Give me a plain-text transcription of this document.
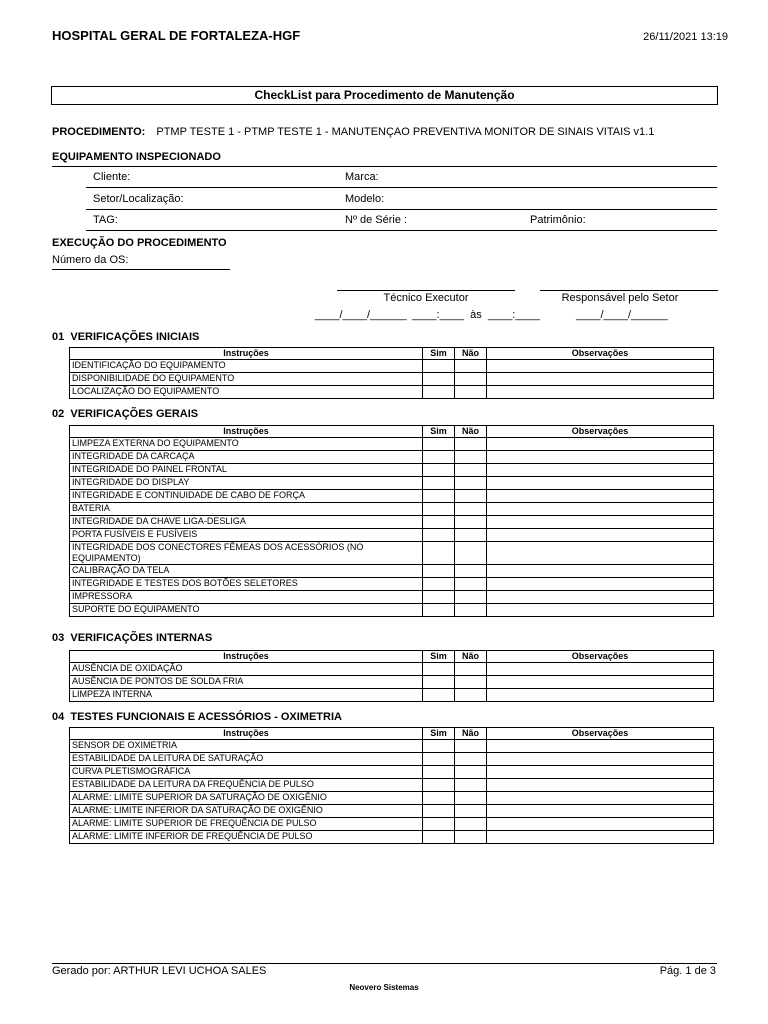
HOSPITAL GERAL DE FORTALEZA-HGF	26/11/2021 13:19
CheckList para Procedimento de Manutenção
PROCEDIMENTO: PTMP TESTE 1 - PTMP TESTE 1 - MANUTENÇAO PREVENTIVA MONITOR DE SINAIS VITAIS v1.1
EQUIPAMENTO INSPECIONADO
Cliente:	Marca:
Setor/Localização:	Modelo:
TAG:	Nº de Série :	Patrimônio:
EXECUÇÃO DO PROCEDIMENTO
Número da OS:
Técnico Executor	Responsável pelo Setor
____/____/______ ____:____  às  ____:____	____/____/______
01 VERIFICAÇÕES INICIAIS
Instruções	Sim	Não	Observações
IDENTIFICAÇÃO DO EQUIPAMENTO			
DISPONIBILIDADE DO EQUIPAMENTO			
LOCALIZAÇÃO DO EQUIPAMENTO			
02 VERIFICAÇÕES GERAIS
Instruções	Sim	Não	Observações
LIMPEZA EXTERNA DO EQUIPAMENTO			
INTEGRIDADE DA CARCAÇA			
INTEGRIDADE DO PAINEL FRONTAL			
INTEGRIDADE DO DISPLAY			
INTEGRIDADE E CONTINUIDADE DE CABO DE FORÇA			
BATERIA			
INTEGRIDADE DA CHAVE LIGA-DESLIGA			
PORTA FUSÍVEIS E FUSÍVEIS			
INTEGRIDADE DOS CONECTORES FÊMEAS DOS ACESSÓRIOS (NO EQUIPAMENTO)			
CALIBRAÇÃO DA TELA			
INTEGRIDADE E TESTES DOS BOTÕES SELETORES			
IMPRESSORA			
SUPORTE DO EQUIPAMENTO			
03 VERIFICAÇÕES INTERNAS
Instruções	Sim	Não	Observações
AUSÊNCIA DE OXIDAÇÃO			
AUSÊNCIA DE PONTOS DE SOLDA FRIA			
LIMPEZA INTERNA			
04 TESTES FUNCIONAIS E ACESSÓRIOS - OXIMETRIA
Instruções	Sim	Não	Observações
SENSOR DE OXIMETRIA			
ESTABILIDADE DA LEITURA DE SATURAÇÃO			
CURVA PLETISMOGRÁFICA			
ESTABILIDADE DA LEITURA DA FREQUÊNCIA DE PULSO			
ALARME: LIMITE SUPERIOR DA SATURAÇÃO DE OXIGÊNIO			
ALARME: LIMITE INFERIOR DA SATURAÇÃO DE OXIGÊNIO			
ALARME: LIMITE SUPERIOR DE FREQUÊNCIA DE PULSO			
ALARME: LIMITE INFERIOR DE FREQUÊNCIA DE PULSO			
Gerado por: ARTHUR LEVI UCHOA SALES	Pág. 1 de 3
Neovero Sistemas
